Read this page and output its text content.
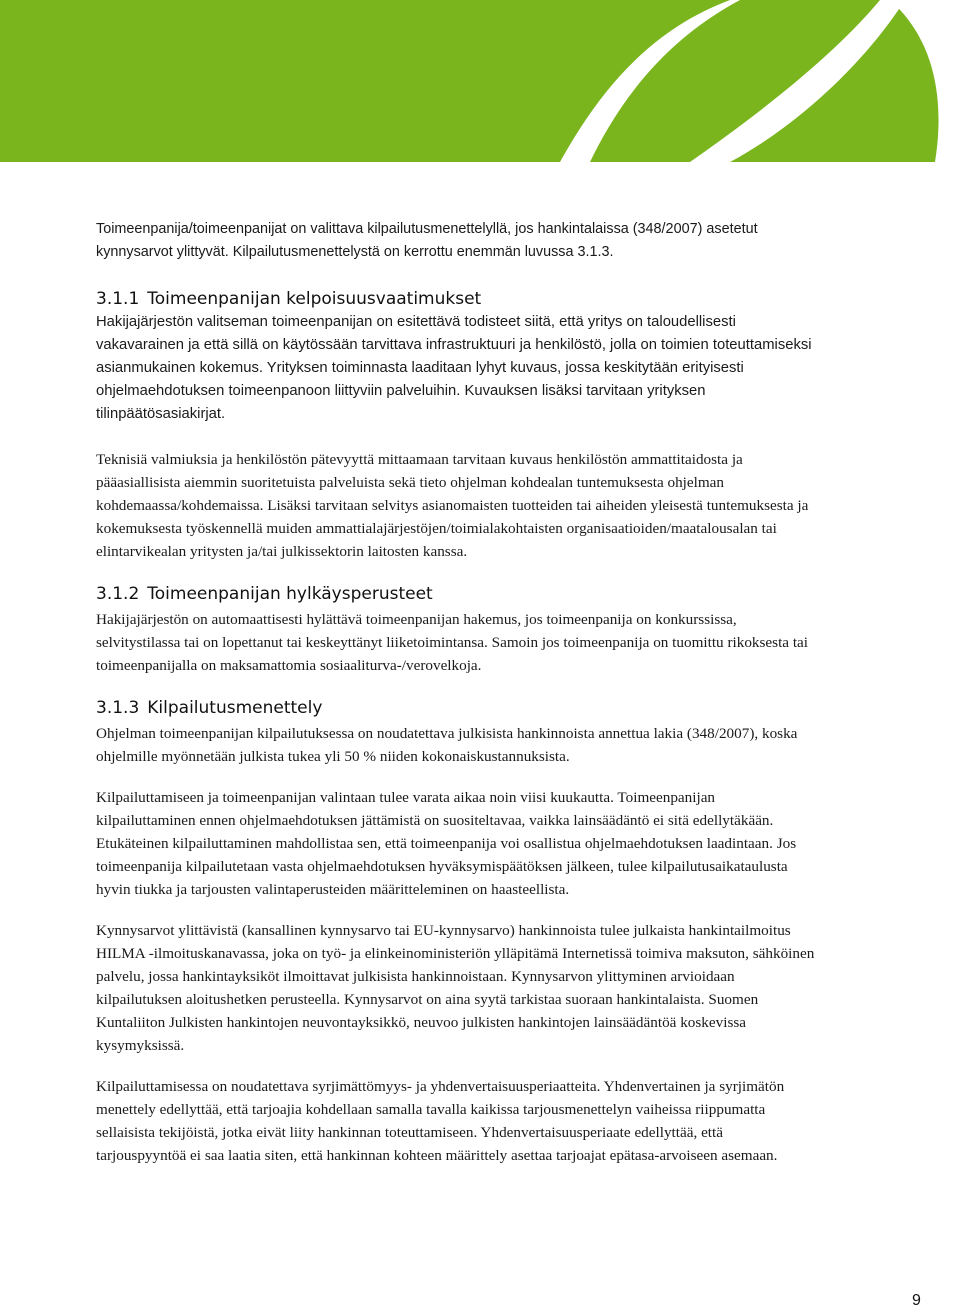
Toimeenpanija/toimeenpanijat on valittava kilpailutusmenettelyllä, jos hankintalaissa (348/2007) asetetut kynnysarvot ylittyvät. Kilpailutusmenettelystä on kerrottu enemmän luvussa 3.1.3.
3.1.1 Toimeenpanijan kelpoisuusvaatimukset
Hakijajärjestön valitseman toimeenpanijan on esitettävä todisteet siitä, että yritys on taloudellisesti vakavarainen ja että sillä on käytössään tarvittava infrastruktuuri ja henkilöstö, jolla on toimien toteuttamiseksi asianmukainen kokemus. Yrityksen toiminnasta laaditaan lyhyt kuvaus, jossa keskitytään erityisesti ohjelmaehdotuksen toimeenpanoon liittyviin palveluihin. Kuvauksen lisäksi tarvitaan yrityksen tilinpäätösasiakirjat.

Teknisiä valmiuksia ja henkilöstön pätevyyttä mittaamaan tarvitaan kuvaus henkilöstön ammattitaidosta ja pääasiallisista aiemmin suoritetuista palveluista sekä tieto ohjelman kohdealan tuntemuksesta ohjelman kohdemaassa/kohdemaissa. Lisäksi tarvitaan selvitys asianomaisten tuotteiden tai aiheiden yleisestä tuntemuksesta ja kokemuksesta työskennellä muiden ammattialajärjestöjen/toimialakohtaisten organisaatioiden/maatalousalan tai elintarvikealan yritysten ja/tai julkissektorin laitosten kanssa.

3.1.2 Toimeenpanijan hylkäysperusteet

Hakijajärjestön on automaattisesti hylättävä toimeenpanijan hakemus, jos toimeenpanija on konkurssissa, selvitystilassa tai on lopettanut tai keskeyttänyt liiketoimintansa. Samoin jos toimeenpanija on tuomittu rikoksesta tai toimeenpanijalla on maksamattomia sosiaaliturva-/verovelkoja.

3.1.3 Kilpailutusmenettely

Ohjelman toimeenpanijan kilpailutuksessa on noudatettava julkisista hankinnoista annettua lakia (348/2007), koska ohjelmille myönnetään julkista tukea yli 50 % niiden kokonaiskustannuksista.

Kilpailuttamiseen ja toimeenpanijan valintaan tulee varata aikaa noin viisi kuukautta. Toimeenpanijan kilpailuttaminen ennen ohjelmaehdotuksen jättämistä on suositeltavaa, vaikka lainsäädäntö ei sitä edellytäkään. Etukäteinen kilpailuttaminen mahdollistaa sen, että toimeenpanija voi osallistua ohjelmaehdotuksen laadintaan. Jos toimeenpanija kilpailutetaan vasta ohjelmaehdotuksen hyväksymispäätöksen jälkeen, tulee kilpailutusaikataulusta hyvin tiukka ja tarjousten valintaperusteiden määritteleminen on haasteellista.

Kynnysarvot ylittävistä (kansallinen kynnysarvo tai EU-kynnysarvo) hankinnoista tulee julkaista hankintailmoitus HILMA -ilmoituskanavassa, joka on työ- ja elinkeinoministeriön ylläpitämä Internetissä toimiva maksuton, sähköinen palvelu, jossa hankintayksiköt ilmoittavat julkisista hankinnoistaan. Kynnysarvon ylittyminen arvioidaan kilpailutuksen aloitushetken perusteella. Kynnysarvot on aina syytä tarkistaa suoraan hankintalaista. Suomen Kuntaliiton Julkisten hankintojen neuvontayksikkö, neuvoo julkisten hankintojen lainsäädäntöä koskevissa kysymyksissä.

Kilpailuttamisessa on noudatettava syrjimättömyys- ja yhdenvertaisuusperiaatteita. Yhdenvertainen ja syrjimätön menettely edellyttää, että tarjoajia kohdellaan samalla tavalla kaikissa tarjousmenettelyn vaiheissa riippumatta sellaisista tekijöistä, jotka eivät liity hankinnan toteuttamiseen. Yhdenvertaisuusperiaate edellyttää, että tarjouspyyntöä ei saa laatia siten, että hankinnan kohteen määrittely asettaa tarjoajat epätasa-arvoiseen asemaan.

9
